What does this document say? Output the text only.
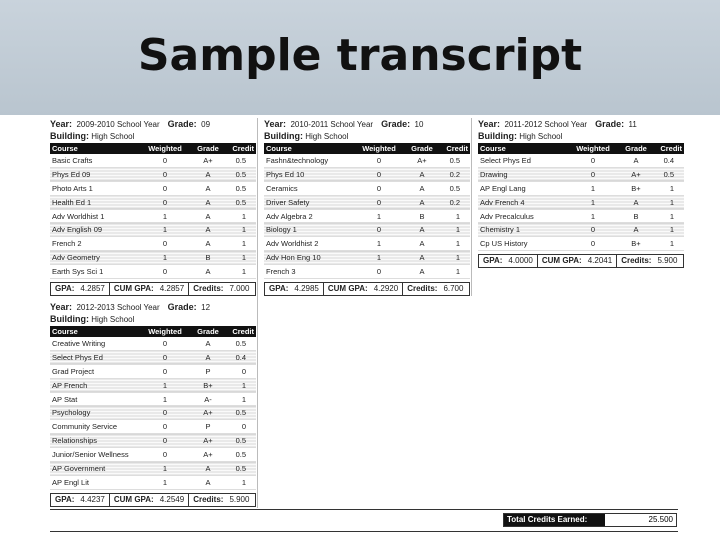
Sample transcript
Year: 2009-2010 School Year Grade: 09
Building: High School
Course	Weighted	Grade	Credit
Basic Crafts	0	A+	0.5
Phys Ed 09	0	A	0.5
Photo Arts 1	0	A	0.5
Health Ed 1	0	A	0.5
Adv Worldhist 1	1	A	1
Adv English 09	1	A	1
French 2	0	A	1
Adv Geometry	1	B	1
Earth Sys Sci 1	0	A	1
GPA: 4.2857 CUM GPA: 4.2857 Credits: 7.000
Year: 2010-2011 School Year Grade: 10
Building: High School
Course	Weighted	Grade	Credit
Fashn&technology	0	A+	0.5
Phys Ed 10	0	A	0.2
Ceramics	0	A	0.5
Driver Safety	0	A	0.2
Adv Algebra 2	1	B	1
Biology 1	0	A	1
Adv Worldhist 2	1	A	1
Adv Hon Eng 10	1	A	1
French 3	0	A	1
GPA: 4.2985 CUM GPA: 4.2920 Credits: 6.700
Year: 2011-2012 School Year Grade: 11
Building: High School
Course	Weighted	Grade	Credit
Select Phys Ed	0	A	0.4
Drawing	0	A+	0.5
AP Engl Lang	1	B+	1
Adv French 4	1	A	1
Adv Precalculus	1	B	1
Chemistry 1	0	A	1
Cp US History	0	B+	1
GPA: 4.0000 CUM GPA: 4.2041 Credits: 5.900
Year: 2012-2013 School Year Grade: 12
Building: High School
Course	Weighted	Grade	Credit
Creative Writing	0	A	0.5
Select Phys Ed	0	A	0.4
Grad Project	0	P	0
AP French	1	B+	1
AP Stat	1	A-	1
Psychology	0	A+	0.5
Community Service	0	P	0
Relationships	0	A+	0.5
Junior/Senior Wellness	0	A+	0.5
AP Government	1	A	0.5
AP Engl Lit	1	A	1
GPA: 4.4237 CUM GPA: 4.2549 Credits: 5.900
Total Credits Earned:	25.500
